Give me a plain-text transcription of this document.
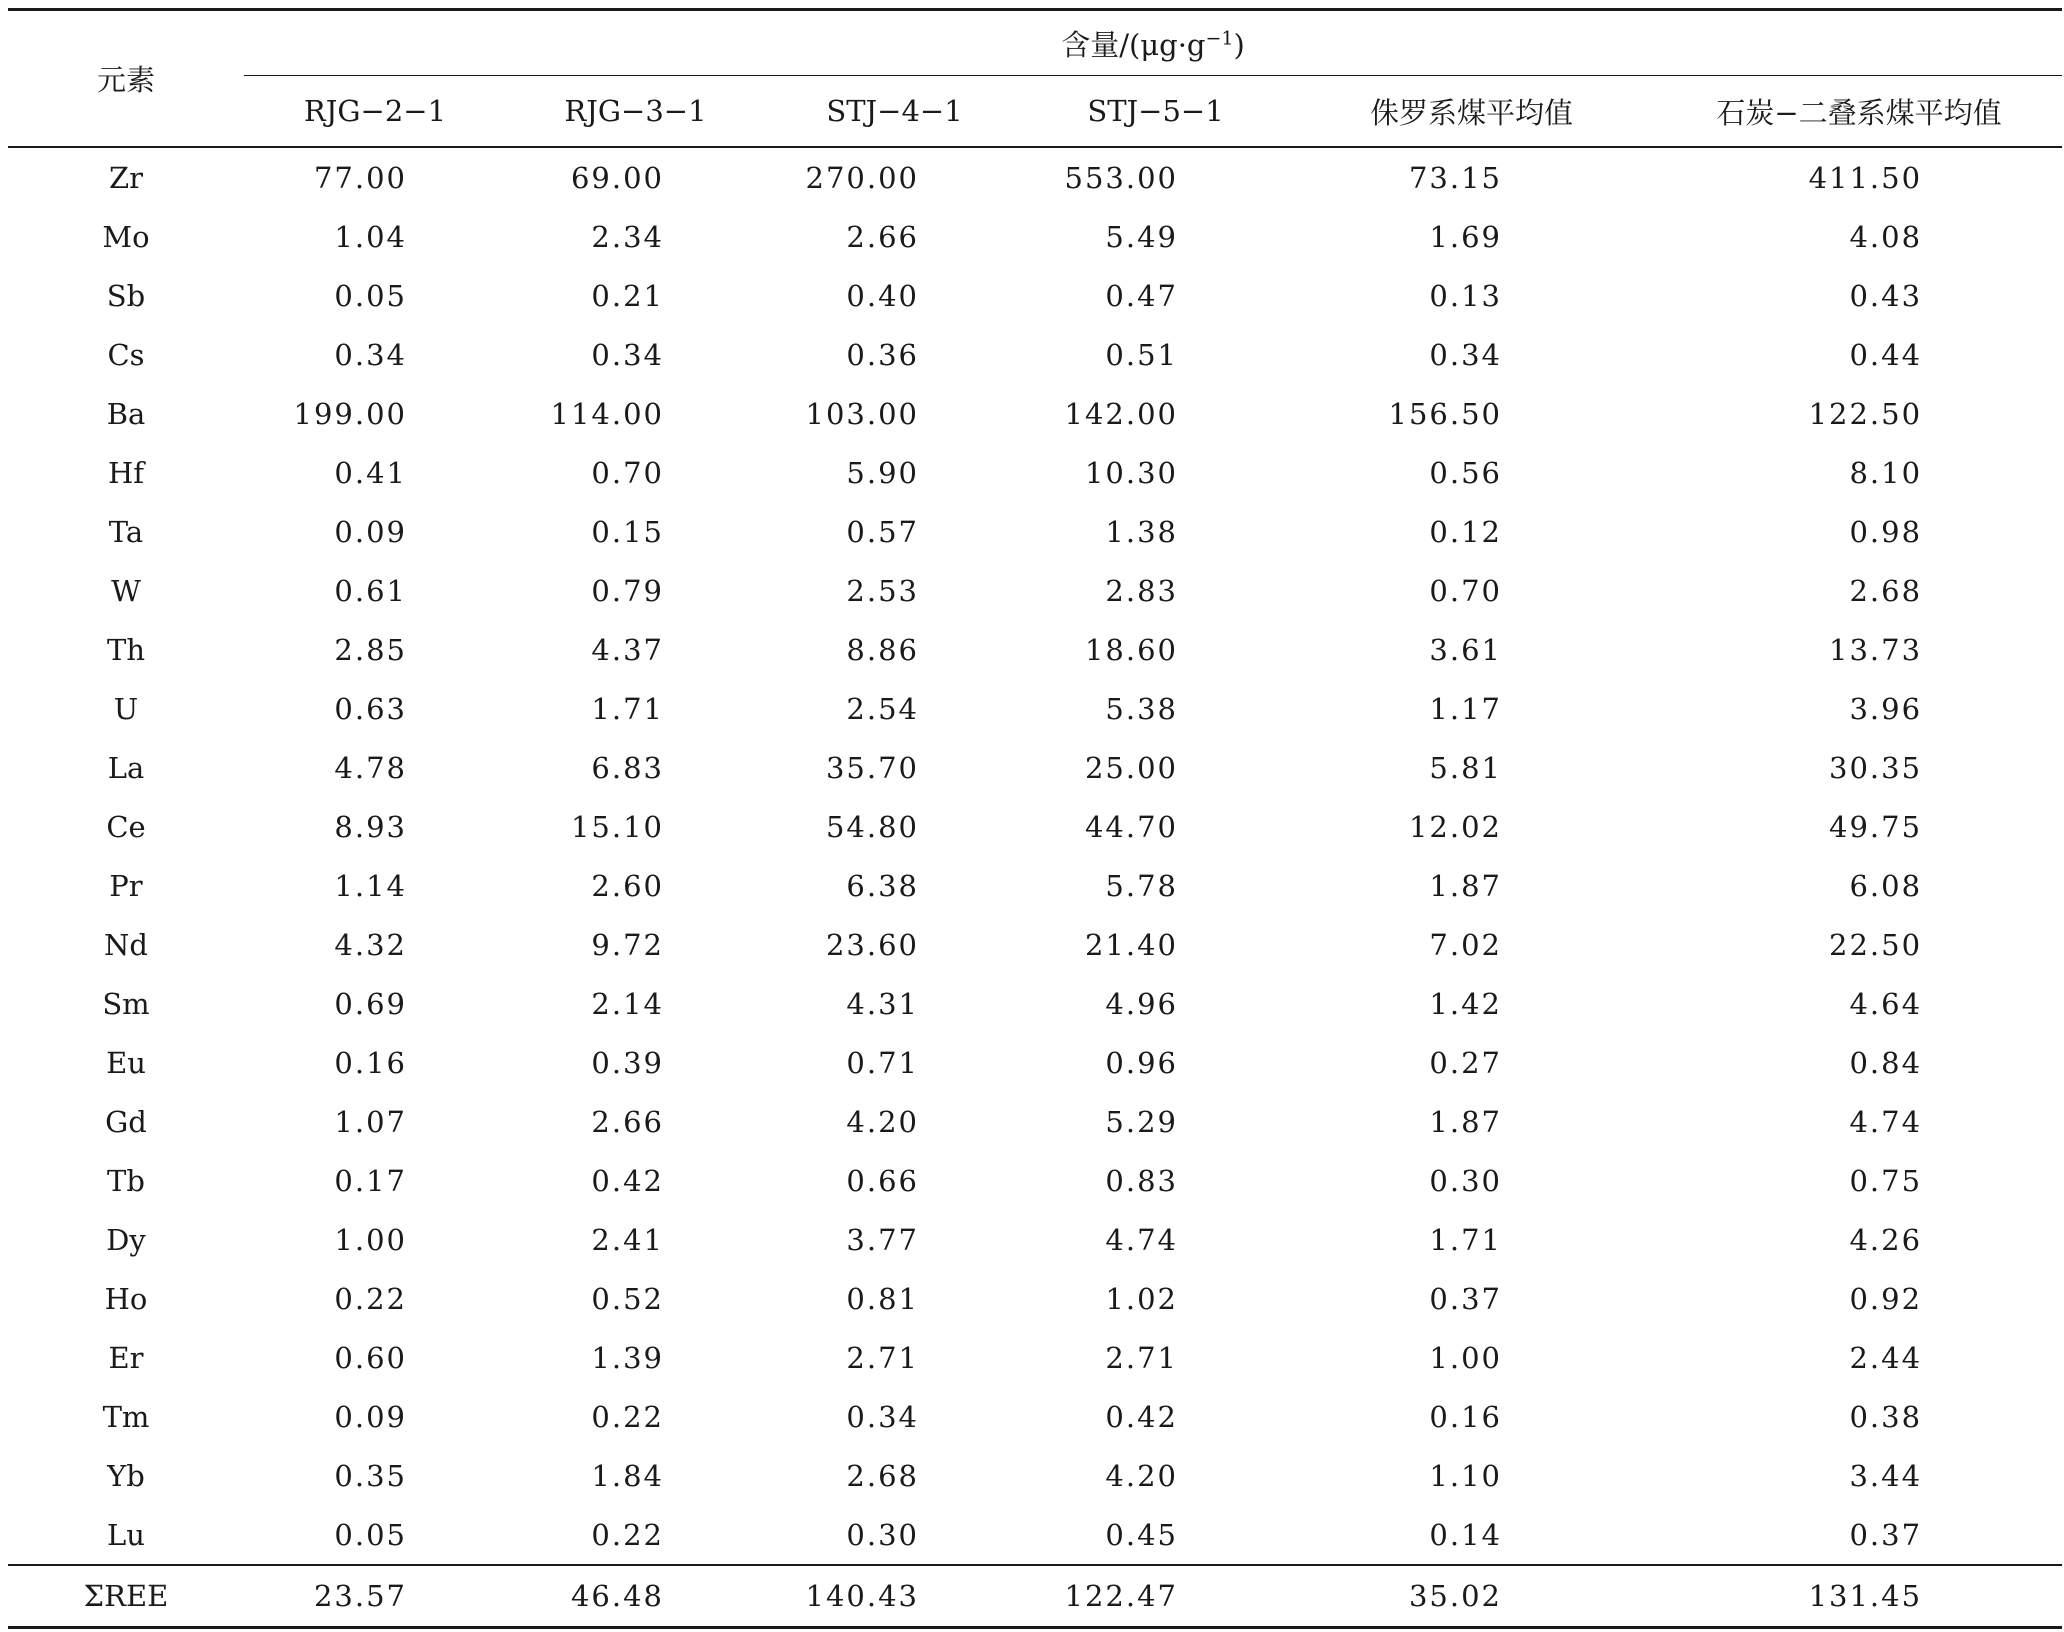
元素	含量$/(\mu g\cdot g^{-1})$					
	RJG−2−1	RJG−3−1	STJ−4−1	STJ−5−1	侏罗系煤平均值	石炭−二叠系煤平均值
Zr	77.00	69.00	270.00	553.00	73.15	411.50
Mo	1.04	2.34	2.66	5.49	1.69	4.08
Sb	0.05	0.21	0.40	0.47	0.13	0.43
Cs	0.34	0.34	0.36	0.51	0.34	0.44
Ba	199.00	114.00	103.00	142.00	156.50	122.50
Hf	0.41	0.70	5.90	10.30	0.56	8.10
Ta	0.09	0.15	0.57	1.38	0.12	0.98
W	0.61	0.79	2.53	2.83	0.70	2.68
Th	2.85	4.37	8.86	18.60	3.61	13.73
U	0.63	1.71	2.54	5.38	1.17	3.96
La	4.78	6.83	35.70	25.00	5.81	30.35
Ce	8.93	15.10	54.80	44.70	12.02	49.75
Pr	1.14	2.60	6.38	5.78	1.87	6.08
Nd	4.32	9.72	23.60	21.40	7.02	22.50
Sm	0.69	2.14	4.31	4.96	1.42	4.64
Eu	0.16	0.39	0.71	0.96	0.27	0.84
Gd	1.07	2.66	4.20	5.29	1.87	4.74
Tb	0.17	0.42	0.66	0.83	0.30	0.75
Dy	1.00	2.41	3.77	4.74	1.71	4.26
Ho	0.22	0.52	0.81	1.02	0.37	0.92
Er	0.60	1.39	2.71	2.71	1.00	2.44
Tm	0.09	0.22	0.34	0.42	0.16	0.38
Yb	0.35	1.84	2.68	4.20	1.10	3.44
Lu	0.05	0.22	0.30	0.45	0.14	0.37
ΣREE	23.57	46.48	140.43	122.47	35.02	131.45
